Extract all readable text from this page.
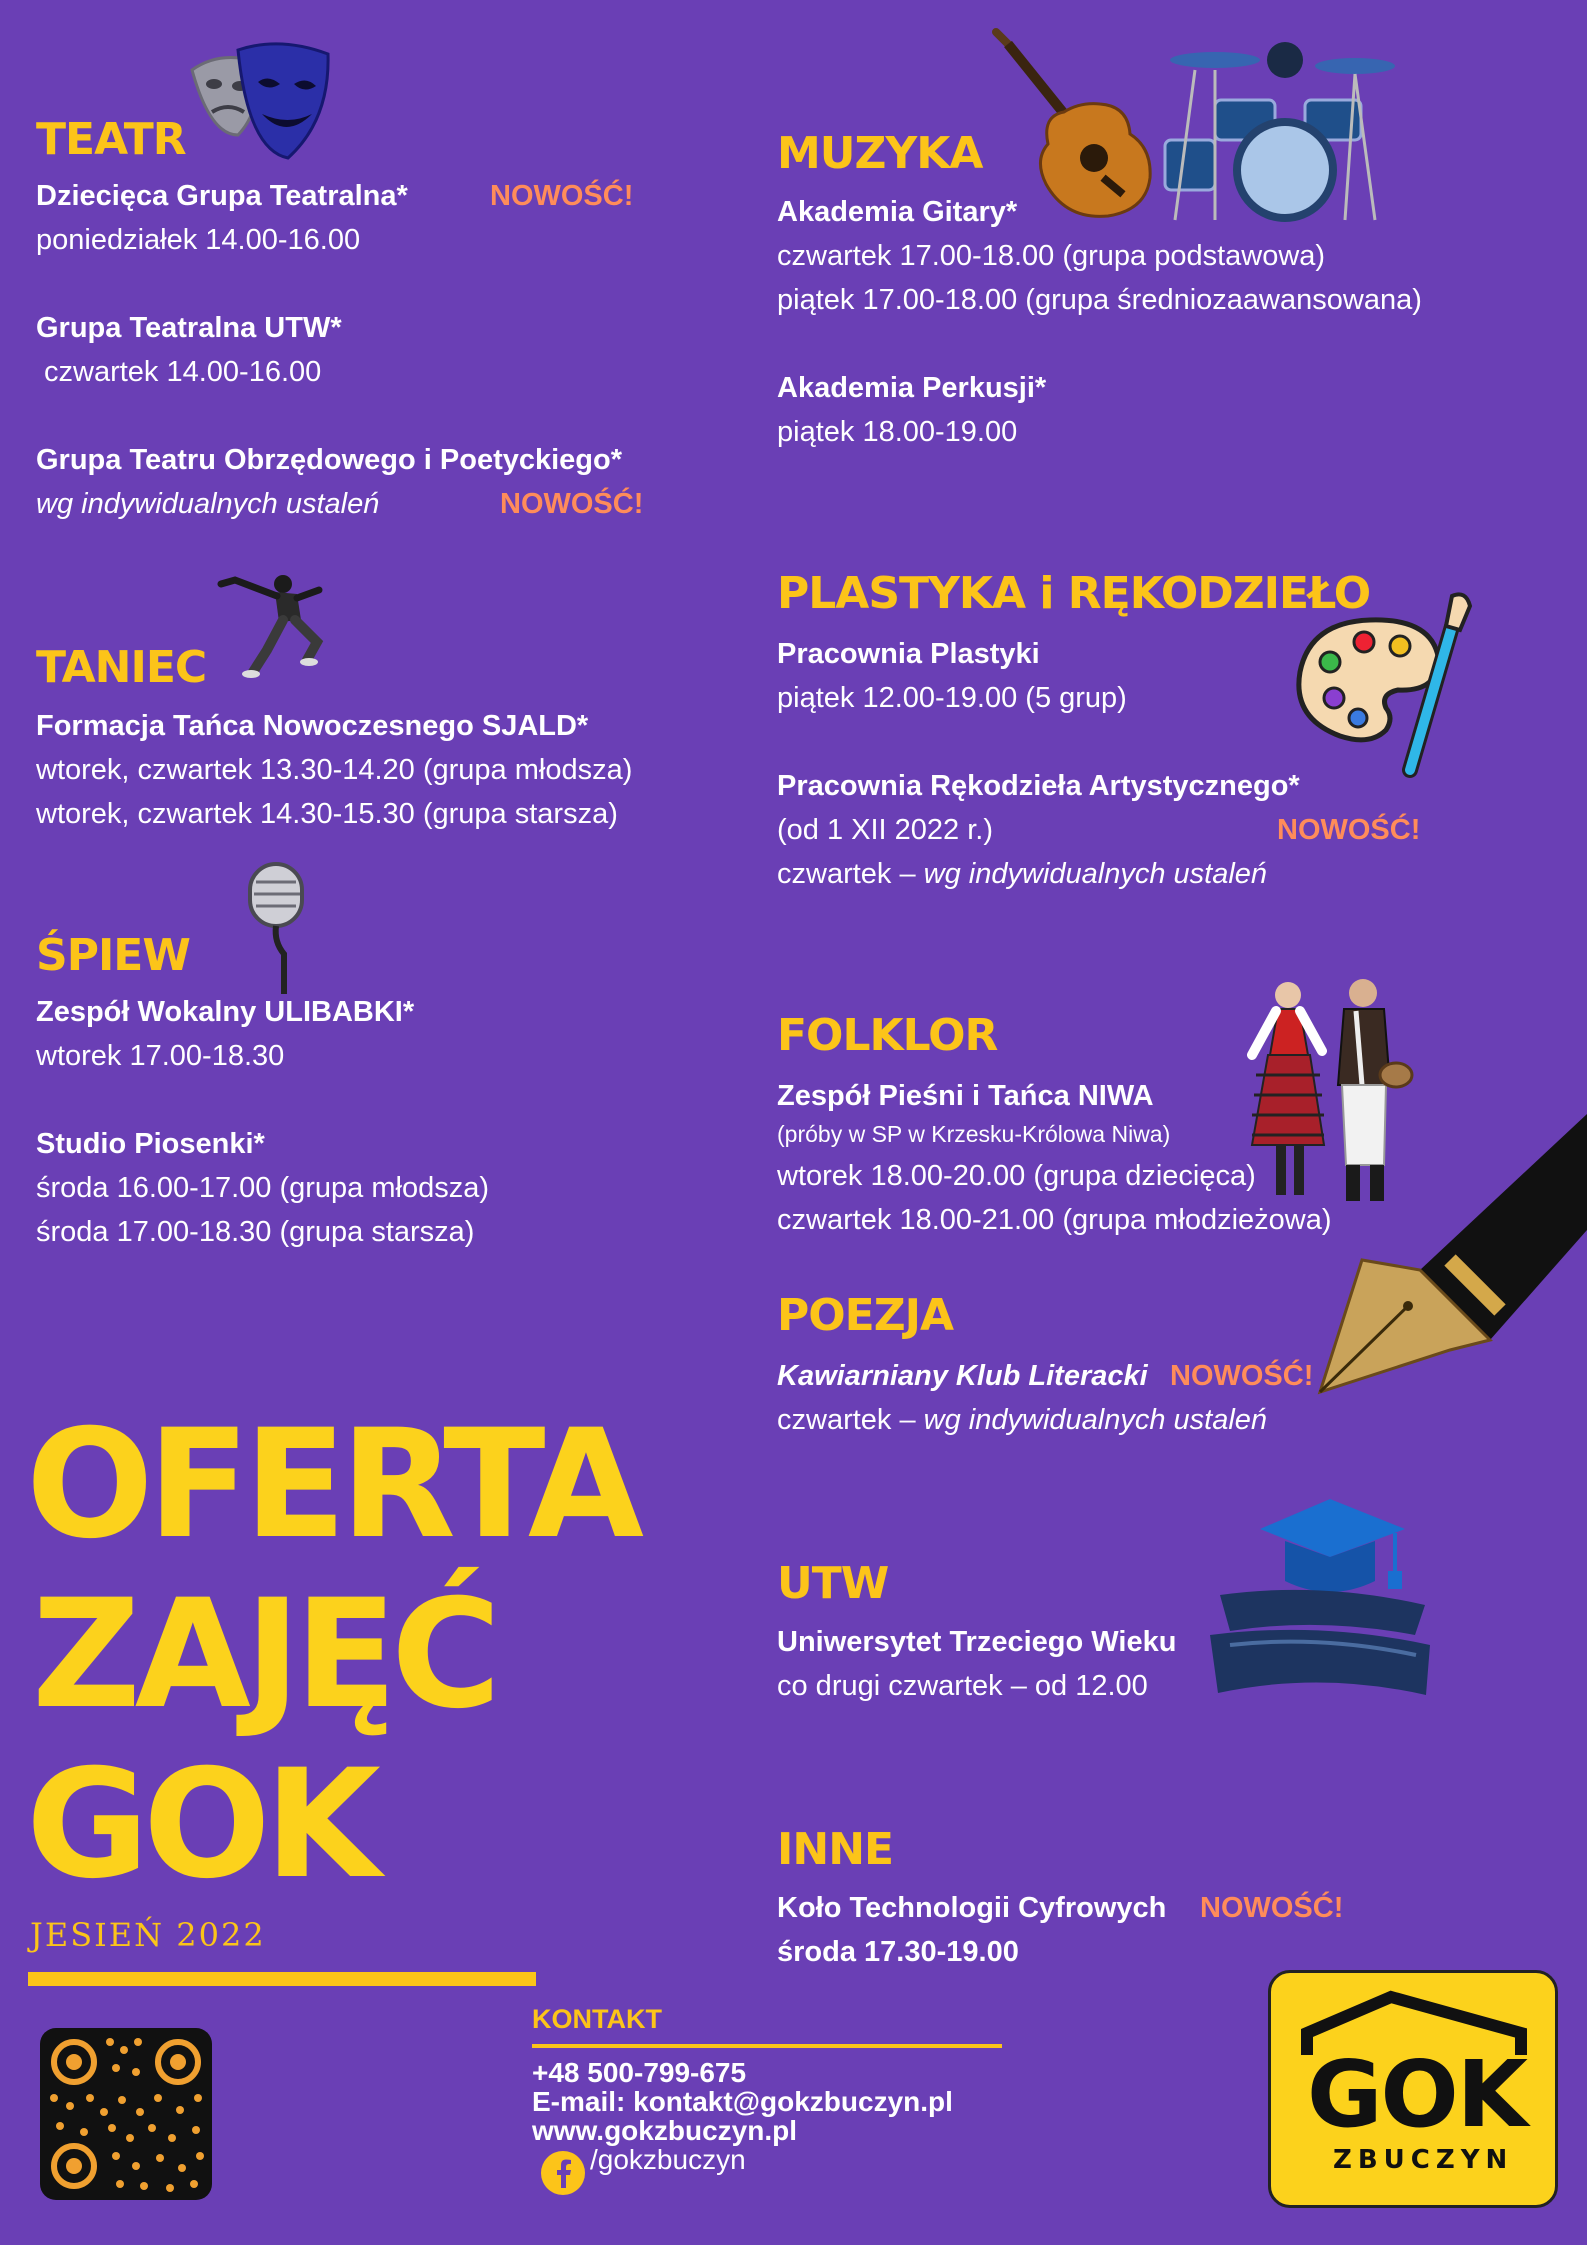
TEATR
Dziecięca Grupa Teatralna*	NOWOŚĆ!
poniedziałek 14.00-16.00
Grupa Teatralna UTW*
czwartek 14.00-16.00
Grupa Teatru Obrzędowego i Poetyckiego*
wg indywidualnych ustaleń	NOWOŚĆ!
TANIEC
Formacja Tańca Nowoczesnego SJALD*
wtorek, czwartek 13.30-14.20 (grupa młodsza)
wtorek, czwartek 14.30-15.30 (grupa starsza)
ŚPIEW
Zespół Wokalny ULIBABKI*
wtorek 17.00-18.30
Studio Piosenki*
środa 16.00-17.00 (grupa młodsza)
środa 17.00-18.30 (grupa starsza)
OFERTA
ZAJĘĆ
GOK
JESIEŃ 2022
KONTAKT
+48 500-799-675
E-mail: kontakt@gokzbuczyn.pl
www.gokzbuczyn.pl
/gokzbuczyn
MUZYKA
Akademia Gitary*
czwartek 17.00-18.00 (grupa podstawowa)
piątek 17.00-18.00 (grupa średniozaawansowana)
Akademia Perkusji*
piątek 18.00-19.00
PLASTYKA i RĘKODZIEŁO
Pracownia Plastyki
piątek 12.00-19.00 (5 grup)
Pracownia Rękodzieła Artystycznego*
(od 1 XII 2022 r.)	NOWOŚĆ!
czwartek – wg indywidualnych ustaleń
FOLKLOR
Zespół Pieśni i Tańca NIWA
(próby w SP w Krzesku-Królowa Niwa)
wtorek 18.00-20.00 (grupa dziecięca)
czwartek 18.00-21.00 (grupa młodzieżowa)
POEZJA
Kawiarniany Klub Literacki NOWOŚĆ!
czwartek – wg indywidualnych ustaleń
UTW
Uniwersytet Trzeciego Wieku
co drugi czwartek – od 12.00
INNE
Koło Technologii Cyfrowych NOWOŚĆ!
środa 17.30-19.00
GOK
ZBUCZYN
